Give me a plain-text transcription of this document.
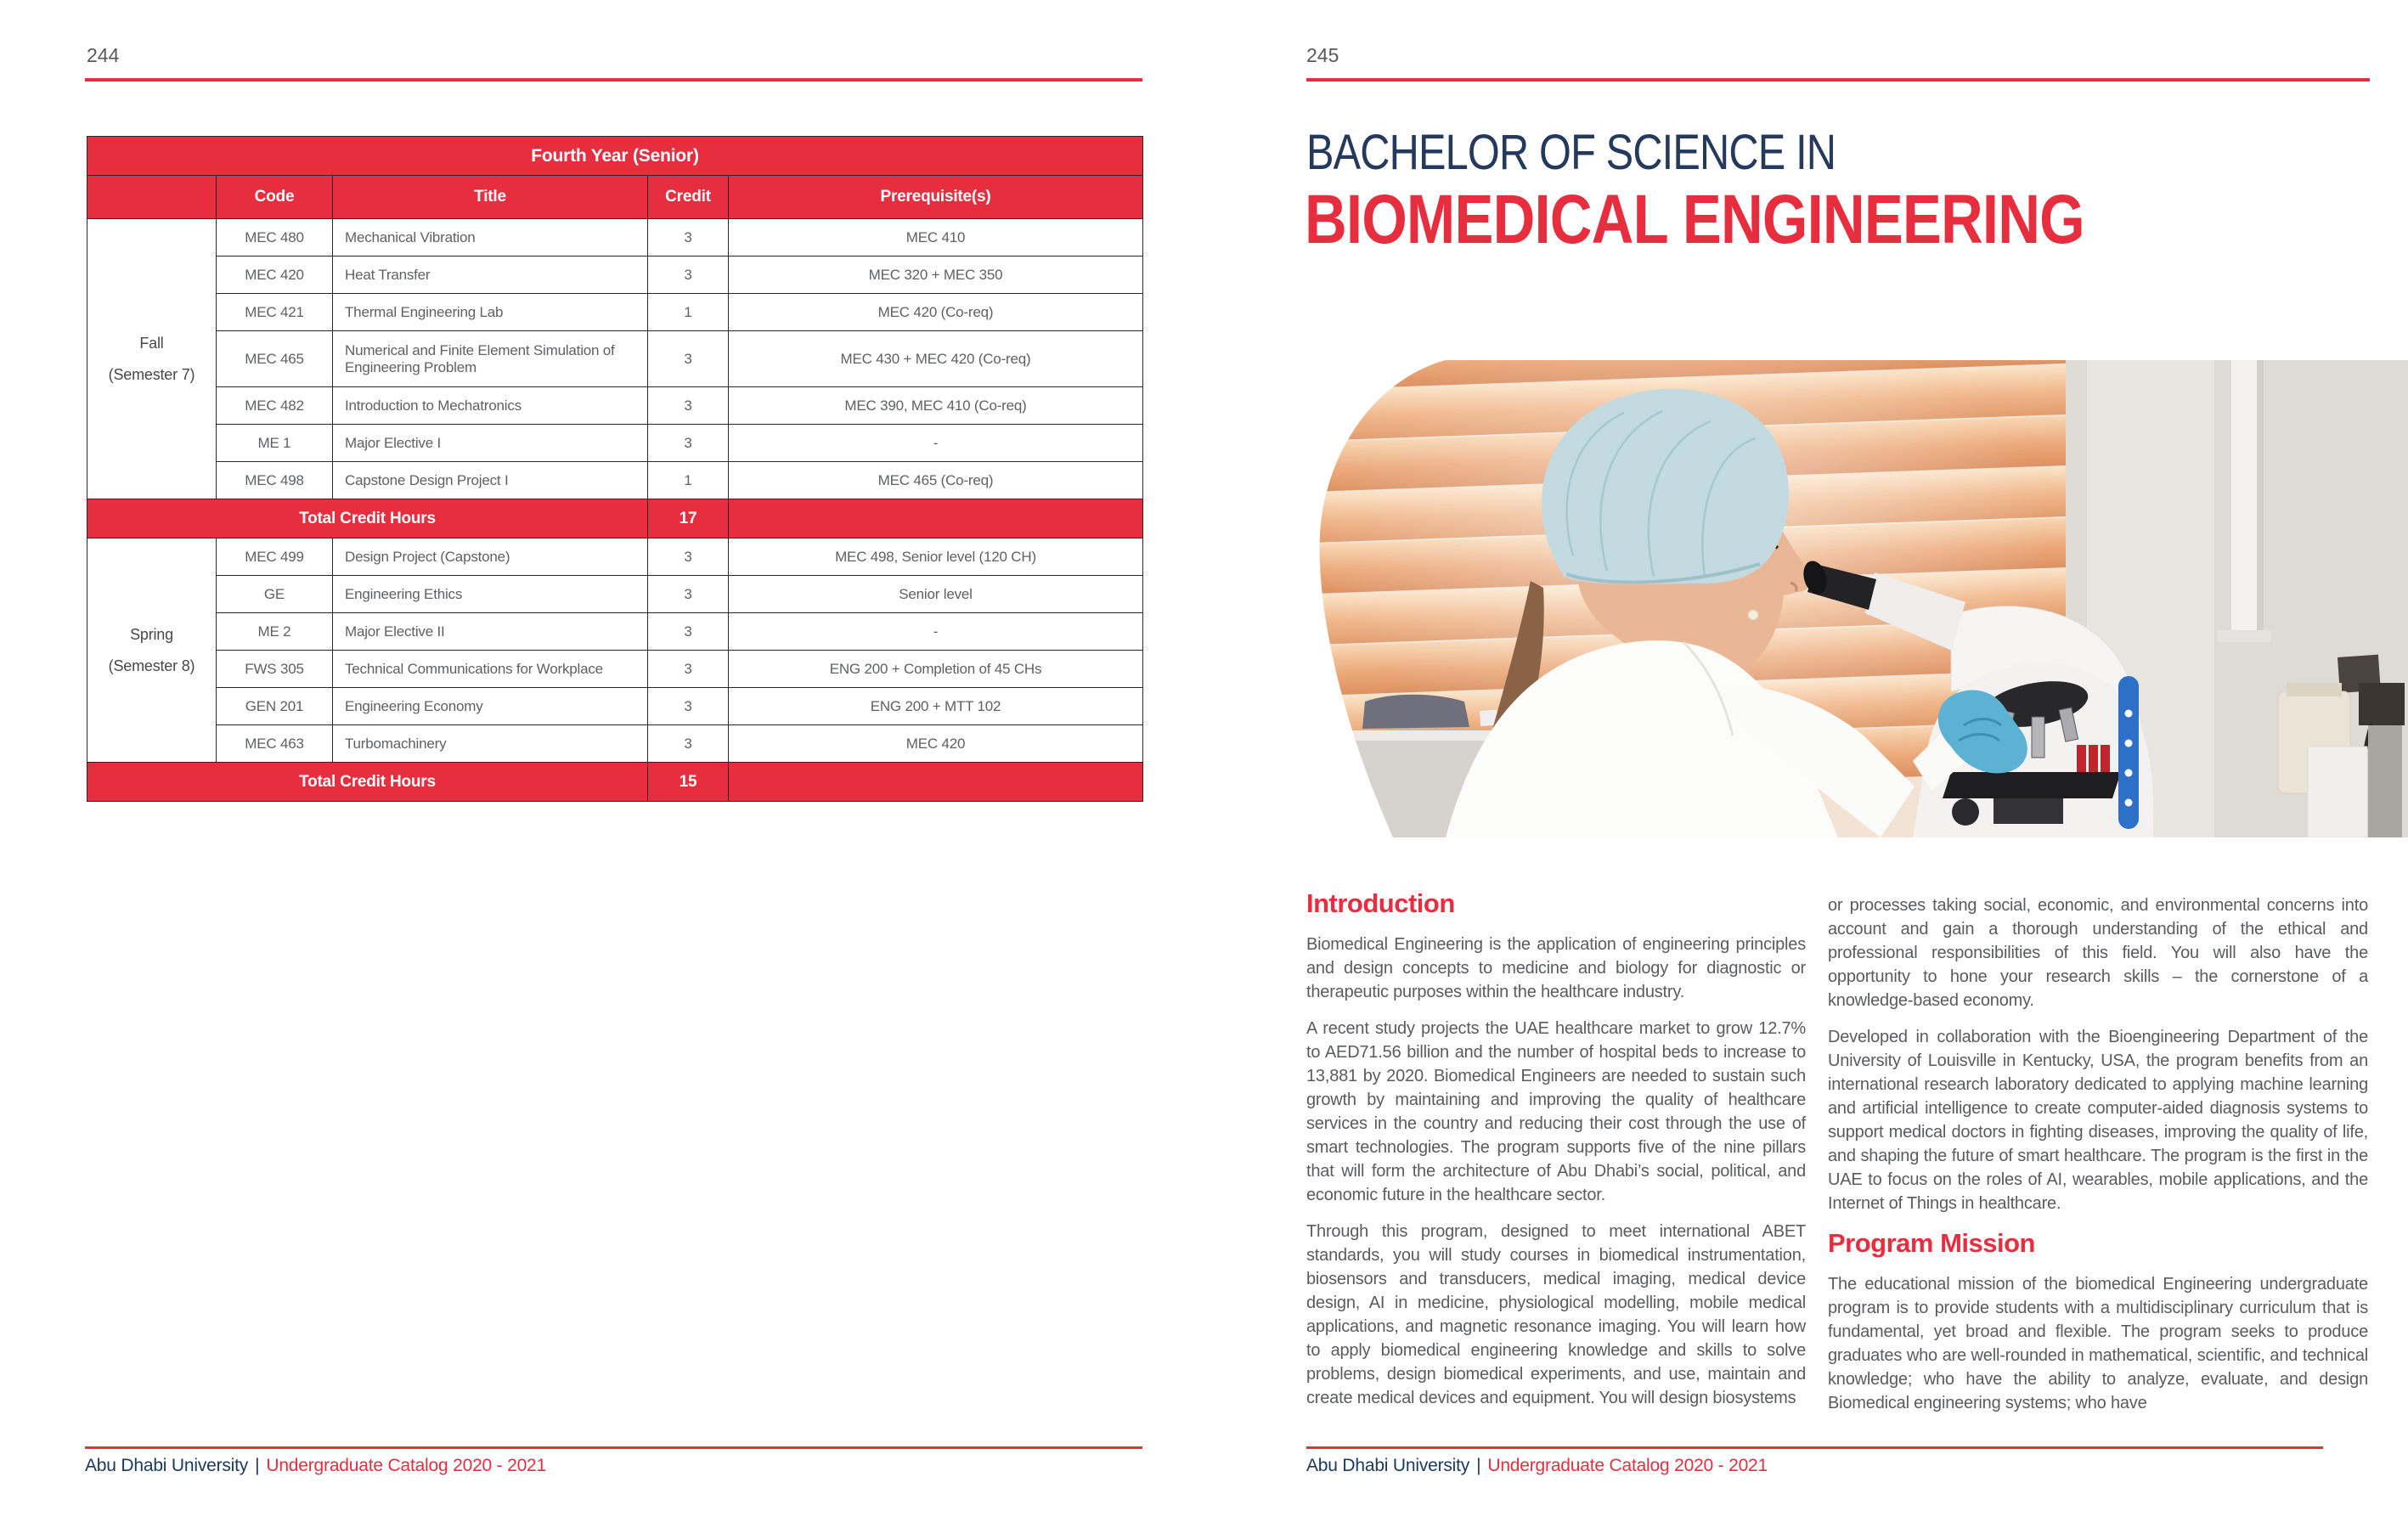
244
Fourth Year (Senior)				
	Code	Title	Credit	Prerequisite(s)

Fall
(Semester 7)	MEC 480	Mechanical Vibration	3	MEC 410
	MEC 420	Heat Transfer	3	MEC 320 + MEC 350
	MEC 421	Thermal Engineering Lab	1	MEC 420 (Co-req)
	MEC 465	Numerical and Finite Element Simulation of Engineering Problem	3	MEC 430 + MEC 420 (Co-req)
	MEC 482	Introduction to Mechatronics	3	MEC 390, MEC 410 (Co-req)
	ME 1	Major Elective I	3	-
	MEC 498	Capstone Design Project I	1	MEC 465 (Co-req)
Total Credit Hours			17	

Spring
(Semester 8)	MEC 499	Design Project (Capstone)	3	MEC 498, Senior level (120 CH)
	GE	Engineering Ethics	3	Senior level
	ME 2	Major Elective II	3	-
	FWS 305	Technical Communications for Workplace	3	ENG 200 + Completion of 45 CHs
	GEN 201	Engineering Economy	3	ENG 200 + MTT 102
	MEC 463	Turbomachinery	3	MEC 420
Total Credit Hours			15	
Abu Dhabi University | Undergraduate Catalog 2020 - 2021
245
BACHELOR OF SCIENCE IN
BIOMEDICAL ENGINEERING
Introduction

Biomedical Engineering is the application of engineering principles and design concepts to medicine and biology for diagnostic or therapeutic purposes within the healthcare industry.

A recent study projects the UAE healthcare market to grow 12.7% to AED71.56 billion and the number of hospital beds to increase to 13,881 by 2020. Biomedical Engineers are needed to sustain such growth by maintaining and improving the quality of healthcare services in the country and reducing their cost through the use of smart technologies. The program supports five of the nine pillars that will form the architecture of Abu Dhabi’s social, political, and economic future in the healthcare sector.

Through this program, designed to meet international ABET standards, you will study courses in biomedical instrumentation, biosensors and transducers, medical imaging, medical device design, AI in medicine, physiological modelling, mobile medical applications, and magnetic resonance imaging. You will learn how to apply biomedical engineering knowledge and skills to solve problems, design biomedical experiments, and use, maintain and create medical devices and equipment. You will design biosystems

or processes taking social, economic, and environmental concerns into account and gain a thorough understanding of the ethical and professional responsibilities of this field. You will also have the opportunity to hone your research skills – the cornerstone of a knowledge-based economy.

Developed in collaboration with the Bioengineering Department of the University of Louisville in Kentucky, USA, the program benefits from an international research laboratory dedicated to applying machine learning and artificial intelligence to create computer-aided diagnosis systems to support medical doctors in fighting diseases, improving the quality of life, and shaping the future of smart healthcare. The program is the first in the UAE to focus on the roles of AI, wearables, mobile applications, and the Internet of Things in healthcare.

Program Mission

The educational mission of the biomedical Engineering undergraduate program is to provide students with a multidisciplinary curriculum that is fundamental, yet broad and flexible. The program seeks to produce graduates who are well-rounded in mathematical, scientific, and technical knowledge; who have the ability to analyze, evaluate, and design Biomedical engineering systems; who have

Abu Dhabi University | Undergraduate Catalog 2020 - 2021
